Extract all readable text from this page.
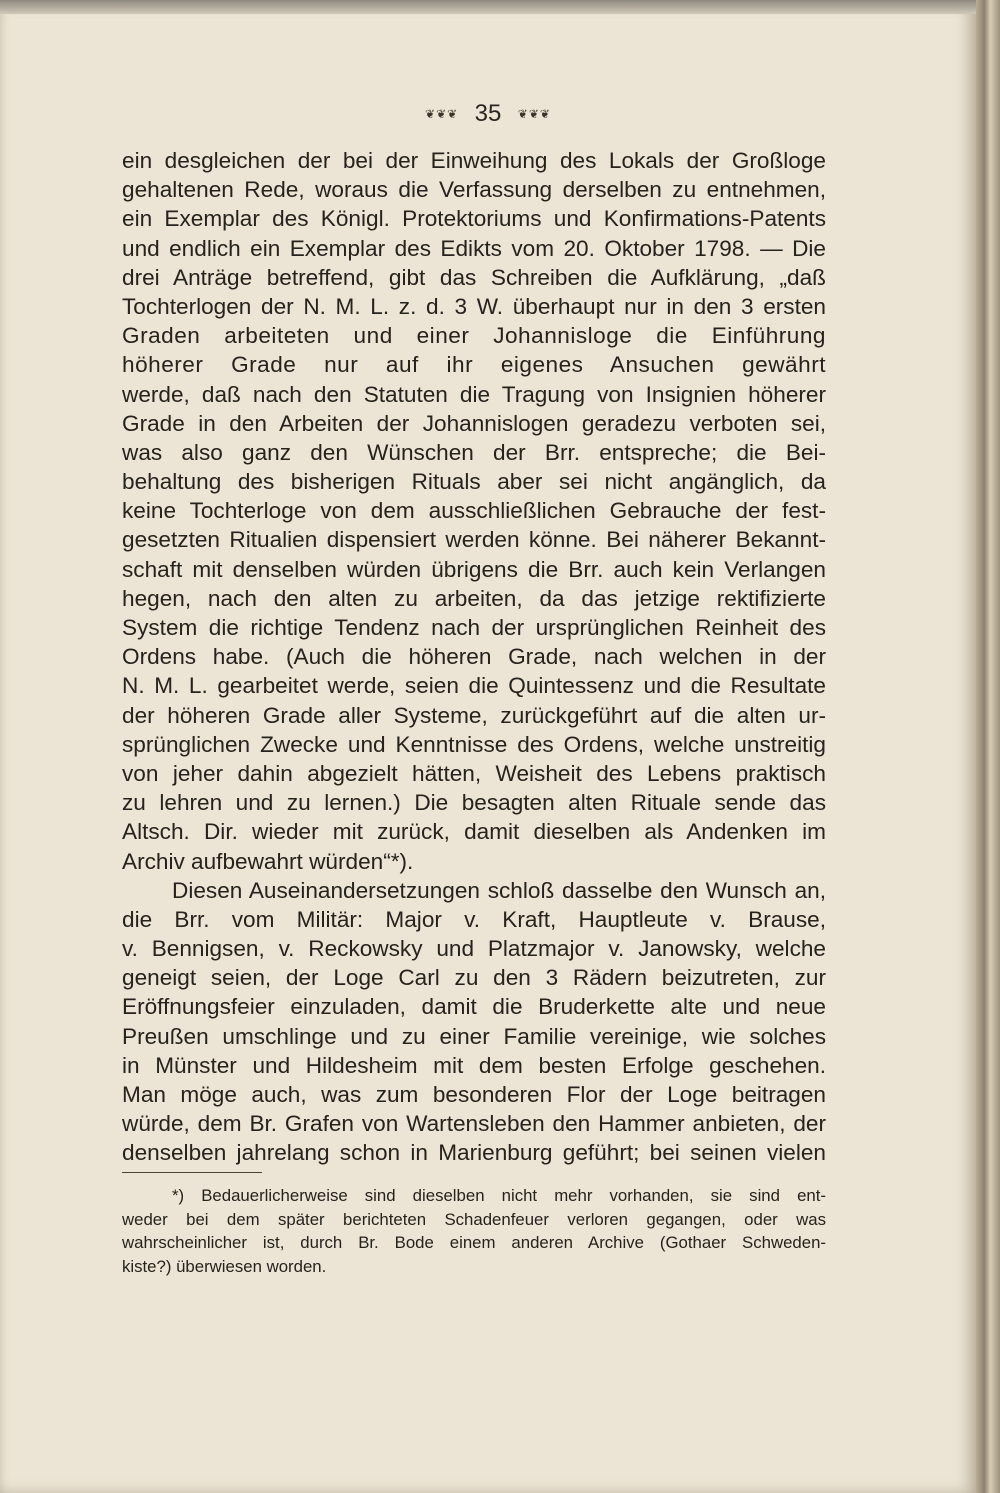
❦❦❦ 35 ❦❦❦
ein desgleichen der bei der Einweihung des Lokals der Großloge
gehaltenen Rede, woraus die Verfassung derselben zu entnehmen,
ein Exemplar des Königl. Protektoriums und Konfirmations-Patents
und endlich ein Exemplar des Edikts vom 20. Oktober 1798. — Die
drei Anträge betreffend, gibt das Schreiben die Aufklärung, „daß
Tochterlogen der N. M. L. z. d. 3 W. überhaupt nur in den 3 ersten
Graden arbeiteten und einer Johannisloge die Einführung
höherer Grade nur auf ihr eigenes Ansuchen gewährt
werde, daß nach den Statuten die Tragung von Insignien höherer
Grade in den Arbeiten der Johannislogen geradezu verboten sei,
was also ganz den Wünschen der Brr. entspreche; die Bei-
behaltung des bisherigen Rituals aber sei nicht angänglich, da
keine Tochterloge von dem ausschließlichen Gebrauche der fest-
gesetzten Ritualien dispensiert werden könne. Bei näherer Bekannt-
schaft mit denselben würden übrigens die Brr. auch kein Verlangen
hegen, nach den alten zu arbeiten, da das jetzige rektifizierte
System die richtige Tendenz nach der ursprünglichen Reinheit des
Ordens habe. (Auch die höheren Grade, nach welchen in der
N. M. L. gearbeitet werde, seien die Quintessenz und die Resultate
der höheren Grade aller Systeme, zurückgeführt auf die alten ur-
sprünglichen Zwecke und Kenntnisse des Ordens, welche unstreitig
von jeher dahin abgezielt hätten, Weisheit des Lebens praktisch
zu lehren und zu lernen.) Die besagten alten Rituale sende das
Altsch. Dir. wieder mit zurück, damit dieselben als Andenken im
Archiv aufbewahrt würden“*).
Diesen Auseinandersetzungen schloß dasselbe den Wunsch an,
die Brr. vom Militär: Major v. Kraft, Hauptleute v. Brause,
v. Bennigsen, v. Reckowsky und Platzmajor v. Janowsky, welche
geneigt seien, der Loge Carl zu den 3 Rädern beizutreten, zur
Eröffnungsfeier einzuladen, damit die Bruderkette alte und neue
Preußen umschlinge und zu einer Familie vereinige, wie solches
in Münster und Hildesheim mit dem besten Erfolge geschehen.
Man möge auch, was zum besonderen Flor der Loge beitragen
würde, dem Br. Grafen von Wartensleben den Hammer anbieten, der
denselben jahrelang schon in Marienburg geführt; bei seinen vielen
*) Bedauerlicherweise sind dieselben nicht mehr vorhanden, sie sind ent-
weder bei dem später berichteten Schadenfeuer verloren gegangen, oder was
wahrscheinlicher ist, durch Br. Bode einem anderen Archive (Gothaer Schweden-
kiste?) überwiesen worden.
